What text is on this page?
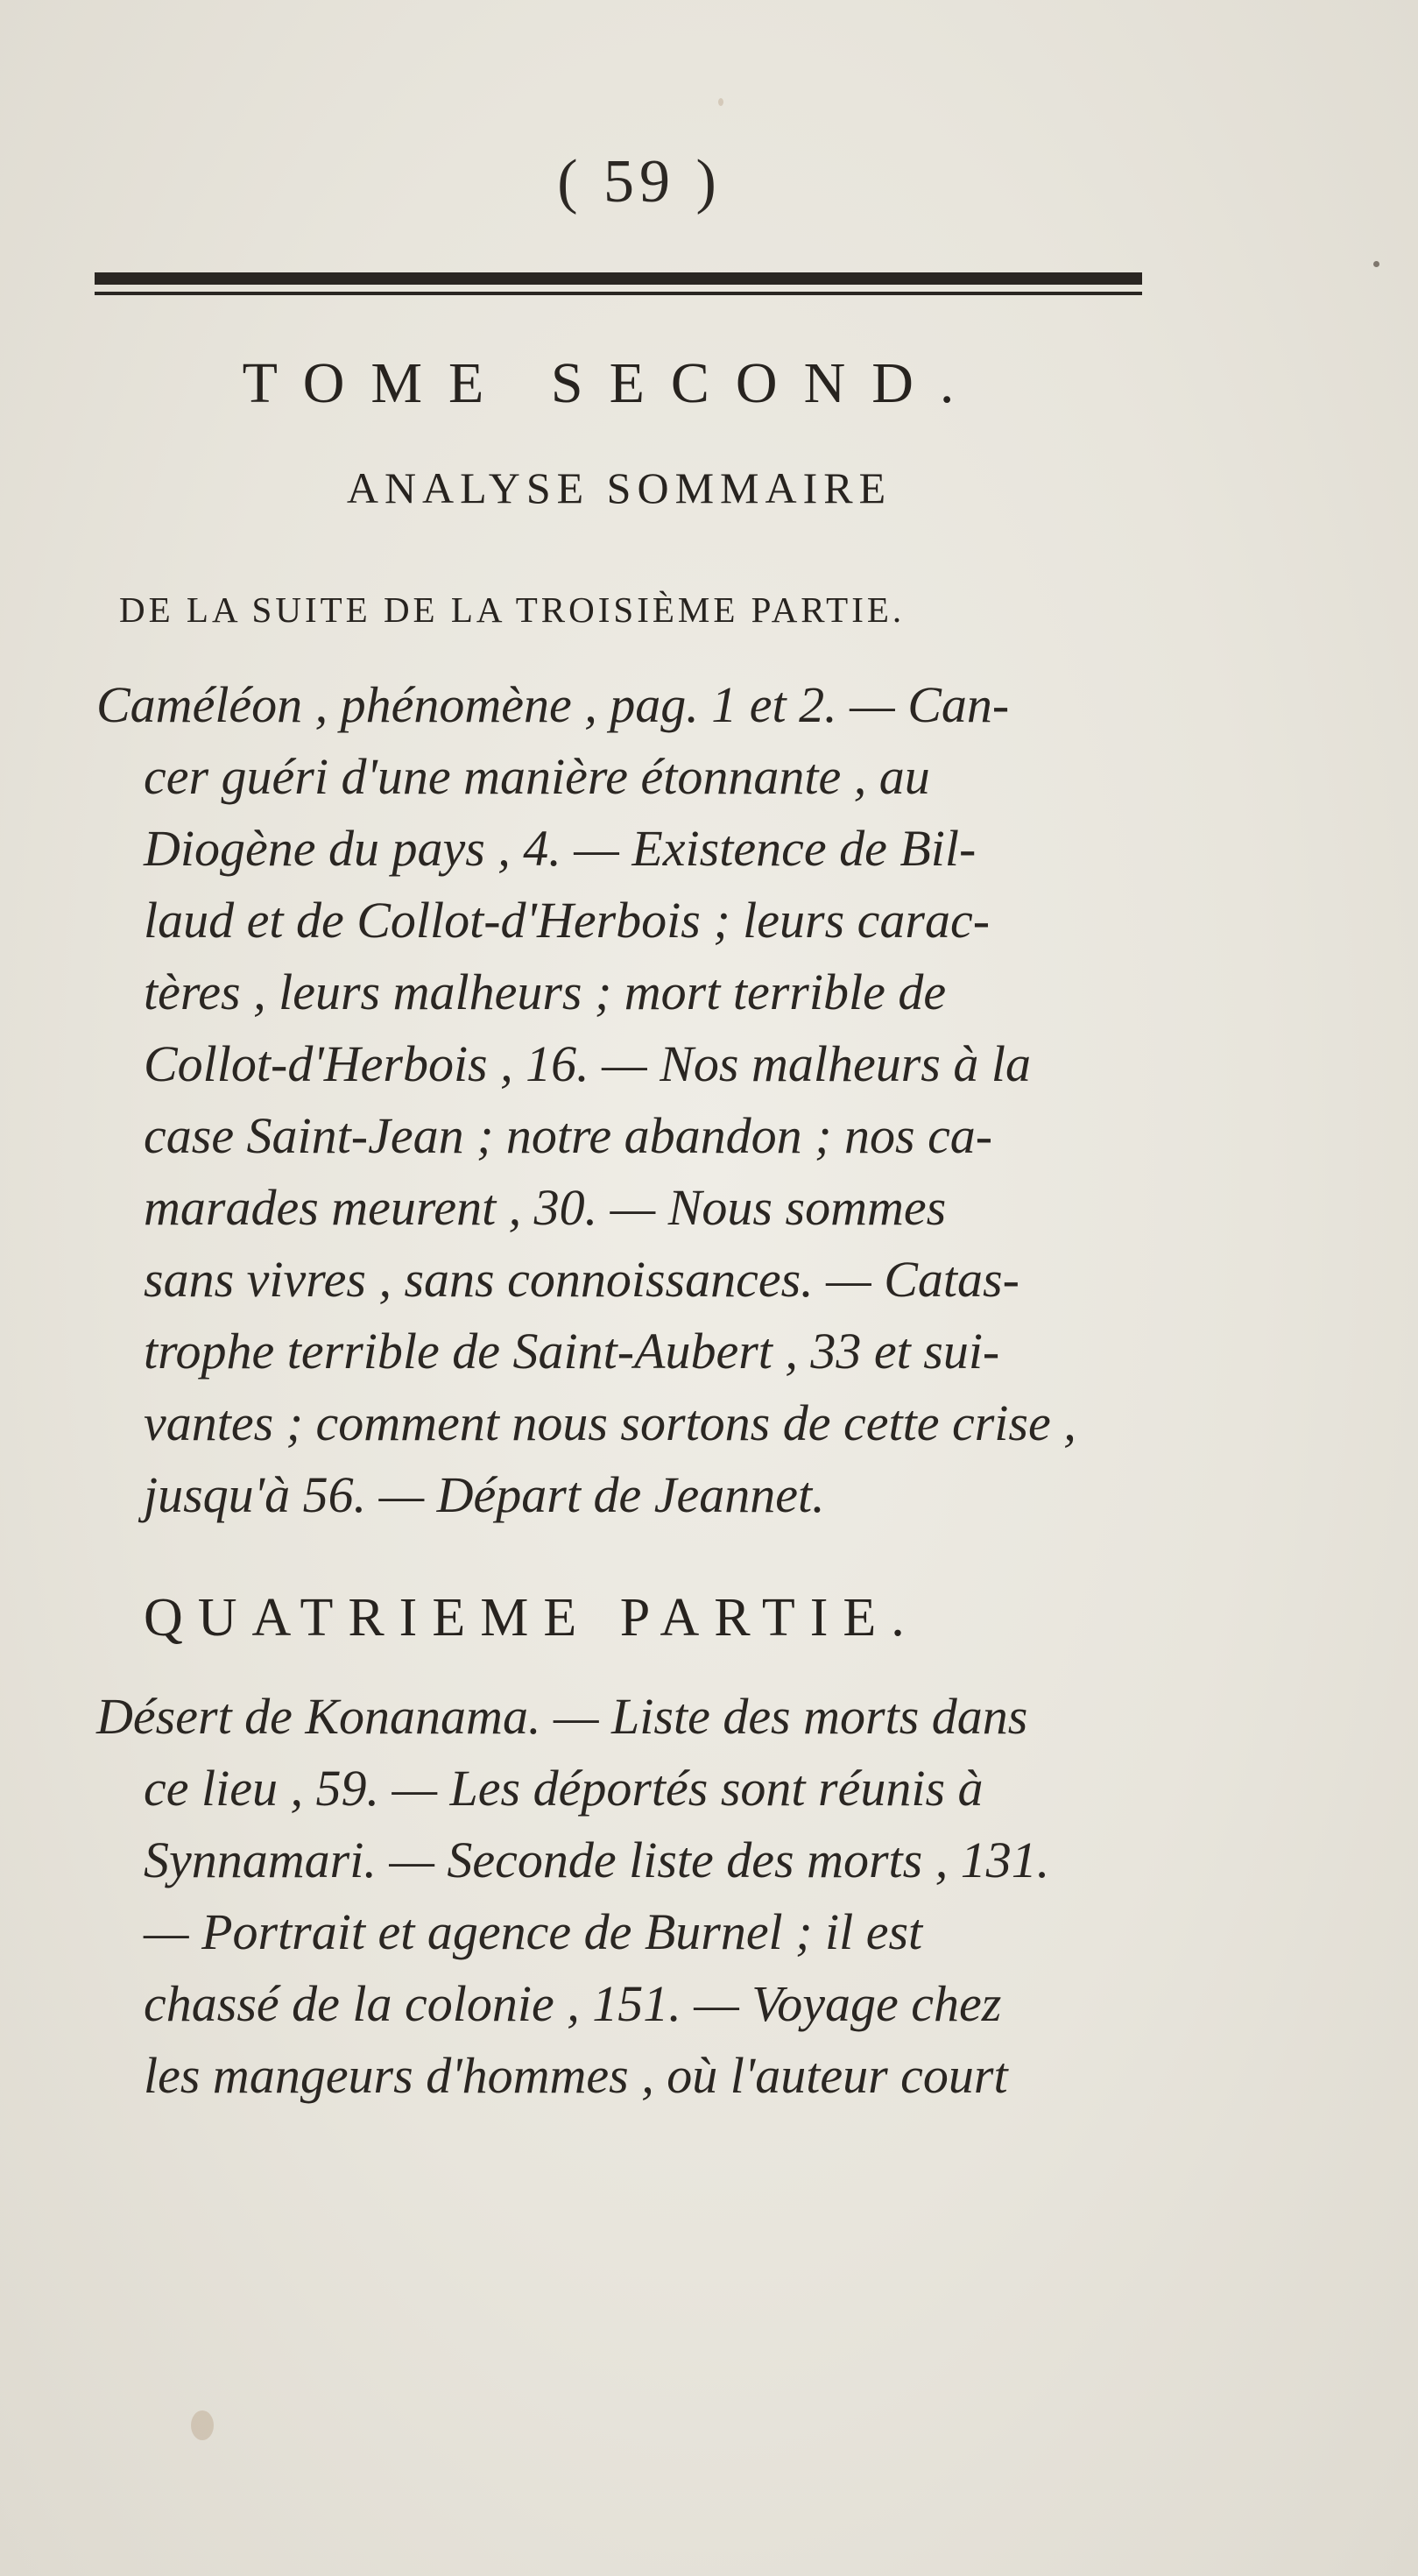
( 59 )
TOME SECOND.
ANALYSE SOMMAIRE
DE LA SUITE DE LA TROISIÈME PARTIE.
Caméléon , phénomène , pag. 1 et 2. — Can-
cer guéri d'une manière étonnante , au
Diogène du pays , 4. — Existence de Bil-
laud et de Collot-d'Herbois ; leurs carac-
tères , leurs malheurs ; mort terrible de
Collot-d'Herbois , 16. — Nos malheurs à la
case Saint-Jean ; notre abandon ; nos ca-
marades meurent , 30. — Nous sommes
sans vivres , sans connoissances. — Catas-
trophe terrible de Saint-Aubert , 33 et sui-
vantes ; comment nous sortons de cette crise ,
jusqu'à 56. — Départ de Jeannet.
QUATRIEME PARTIE.
Désert de Konanama. — Liste des morts dans
ce lieu , 59. — Les déportés sont réunis à
Synnamari. — Seconde liste des morts , 131.
— Portrait et agence de Burnel ; il est
chassé de la colonie , 151. — Voyage chez
les mangeurs d'hommes , où l'auteur court
